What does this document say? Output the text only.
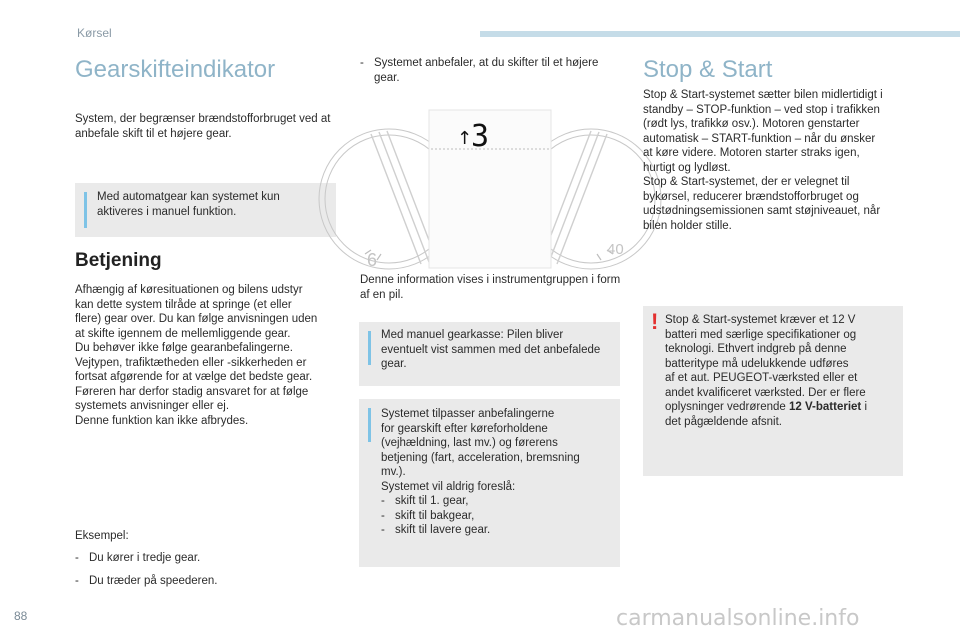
Kørsel
Gearskifteindikator

System, der begrænser brændstofforbruget ved at anbefale skift til et højere gear.

Med automatgear kan systemet kun aktiveres i manuel funktion.
Betjening
Afhængig af køresituationen og bilens udstyr
kan dette system tilråde at springe (et eller
flere) gear over. Du kan følge anvisningen uden
at skifte igennem de mellemliggende gear.
Du behøver ikke følge gearanbefalingerne.
Vejtypen, trafiktætheden eller -sikkerheden er
fortsat afgørende for at vælge det bedste gear.
Føreren har derfor stadig ansvaret for at følge
systemets anvisninger eller ej.
Denne funktion kan ikke afbrydes.

Eksempel:

- Du kører i tredje gear.
- Du træder på speederen.
- Systemet anbefaler, at du skifter til et højere gear.
↑
3
6
40

Denne information vises i instrumentgruppen i form af en pil.

Med manuel gearkasse: Pilen bliver eventuelt vist sammen med det anbefalede gear.
Systemet tilpasser anbefalingerne
for gearskift efter køreforholdene
(vejhældning, last mv.) og førerens
betjening (fart, acceleration, bremsning
mv.).
Systemet vil aldrig foreslå:
- skift til 1. gear,
- skift til bakgear,
- skift til lavere gear.
Stop & Start
Stop & Start-systemet sætter bilen midlertidigt i
standby – STOP-funktion – ved stop i trafikken
(rødt lys, trafikkø osv.). Motoren genstarter
automatisk – START-funktion – når du ønsker
at køre videre. Motoren starter straks igen,
hurtigt og lydløst.
Stop & Start-systemet, der er velegnet til
bykørsel, reducerer brændstofforbruget og
udstødningsemissionen samt støjniveauet, når
bilen holder stille.
! Stop & Start-systemet kræver et 12 V
batteri med særlige specifikationer og
teknologi. Ethvert indgreb på denne
batteritype må udelukkende udføres
af et aut. PEUGEOT-værksted eller et
andet kvalificeret værksted. Der er flere
oplysninger vedrørende 12 V-batteriet i
det pågældende afsnit.
88	carmanualsonline.info
